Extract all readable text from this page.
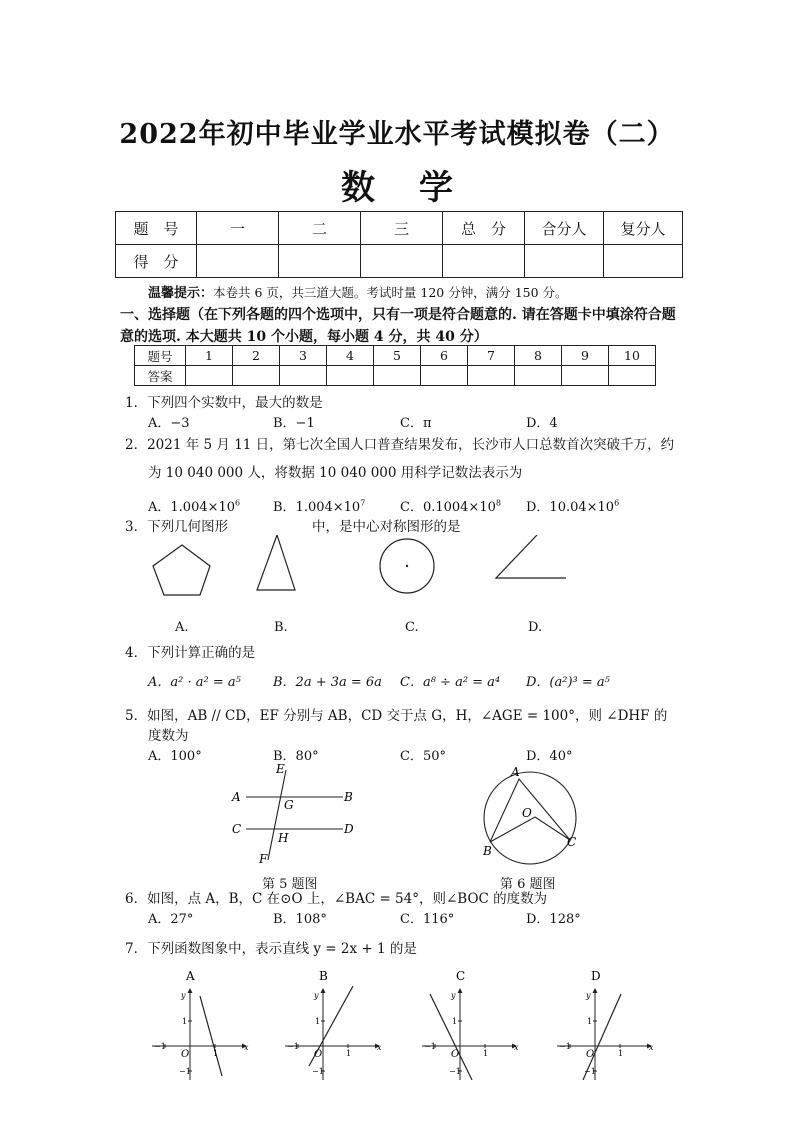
2022年初中毕业学业水平考试模拟卷（二）
数 学
题　号	一	二	三	总　分	合分人	复分人
得　分						
温馨提示：本卷共 6 页，共三道大题。考试时量 120 分钟，满分 150 分。
一、选择题（在下列各题的四个选项中，只有一项是符合题意的. 请在答题卡中填涂符合题意的选项. 本大题共 10 个小题，每小题 4 分，共 40 分）
题号	1	2	3	4	5	6	7	8	9	10
答案										
1．下列四个实数中，最大的数是
A．−3	B．−1	C．π	D．4
2．2021 年 5 月 11 日，第七次全国人口普查结果发布，长沙市人口总数首次突破千万，约
为 10 040 000 人，将数据 10 040 000 用科学记数法表示为
A．$1.004\times 10^6$	B．$1.004\times 10^7$	C．$0.1004\times 10^8$ D．$10.04\times 10^6$
3．下列几何图形	中，是中心对称图形的是
A.	B.	C.	D.
4．下列计算正确的是
A．a² · a² = a⁵ B．2a + 3a = 6a C．a⁸ ÷ a² = a⁴ D．(a²)³ = a⁵
5．如图，AB // CD，EF 分别与 AB，CD 交于点 G，H，∠AGE = 100°，则 ∠DHF 的
度数为
A．100°	B．80°	C．50°	D．40°
E
A
G
B
C
H
D
F
第 5 题图
A
O
B
C
第 6 题图
6．如图，点 A，B，C 在⊙O 上，∠BAC = 54°，则∠BOC 的度数为
A．27°	B．108°	C．116°	D．128°
7．下列函数图象中，表示直线 y = 2x + 1 的是
A
y
x
O
1
−1
1
−1
B
y
x
O
1
−1
1
−1
C
y
x
O
1
−1
1
−1
D
y
x
O
1
−1
1
−1
